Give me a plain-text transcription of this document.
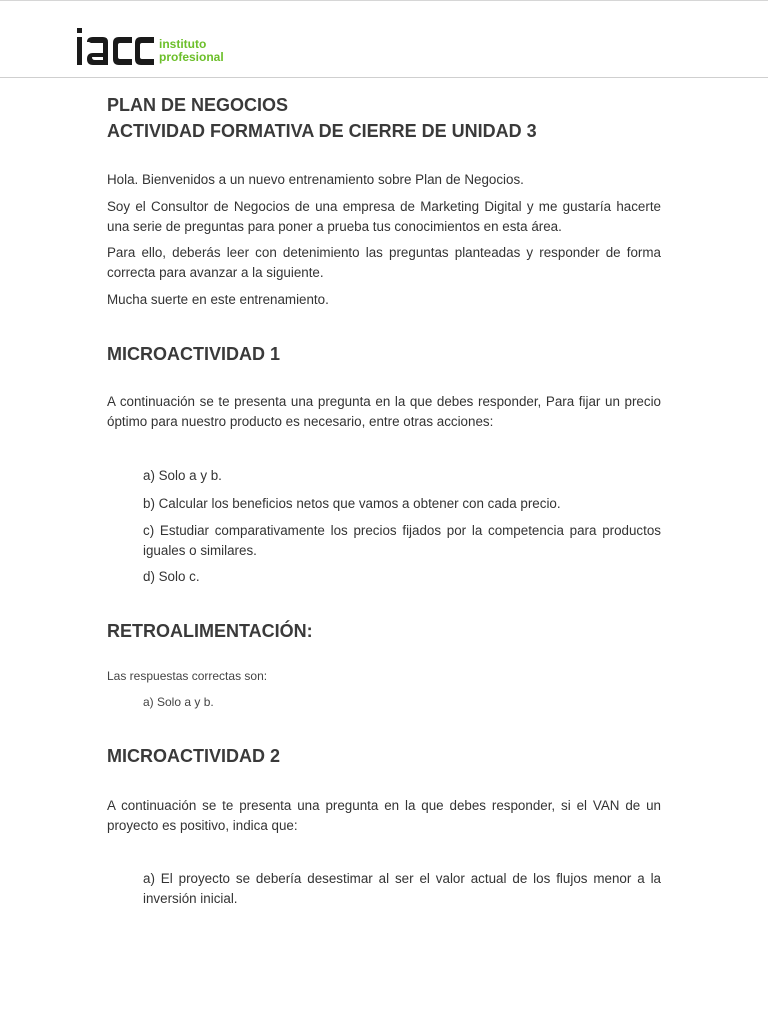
instituto
profesional
PLAN DE NEGOCIOS
ACTIVIDAD FORMATIVA DE CIERRE DE UNIDAD 3
Hola. Bienvenidos a un nuevo entrenamiento sobre Plan de Negocios.
Soy el Consultor de Negocios de una empresa de Marketing Digital y me gustaría hacerte una serie de preguntas para poner a prueba tus conocimientos en esta área.
Para ello, deberás leer con detenimiento las preguntas planteadas y responder de forma correcta para avanzar a la siguiente.
Mucha suerte en este entrenamiento.
MICROACTIVIDAD 1
A continuación se te presenta una pregunta en la que debes responder, Para fijar un precio óptimo para nuestro producto es necesario, entre otras acciones:
a) Solo a y b.
b) Calcular los beneficios netos que vamos a obtener con cada precio.
c) Estudiar comparativamente los precios fijados por la competencia para productos iguales o similares.
d) Solo c.
RETROALIMENTACIÓN:
Las respuestas correctas son:
a) Solo a y b.
MICROACTIVIDAD 2
A continuación se te presenta una pregunta en la que debes responder, si el VAN de un proyecto es positivo, indica que:
a) El proyecto se debería desestimar al ser el valor actual de los flujos menor a la inversión inicial.
